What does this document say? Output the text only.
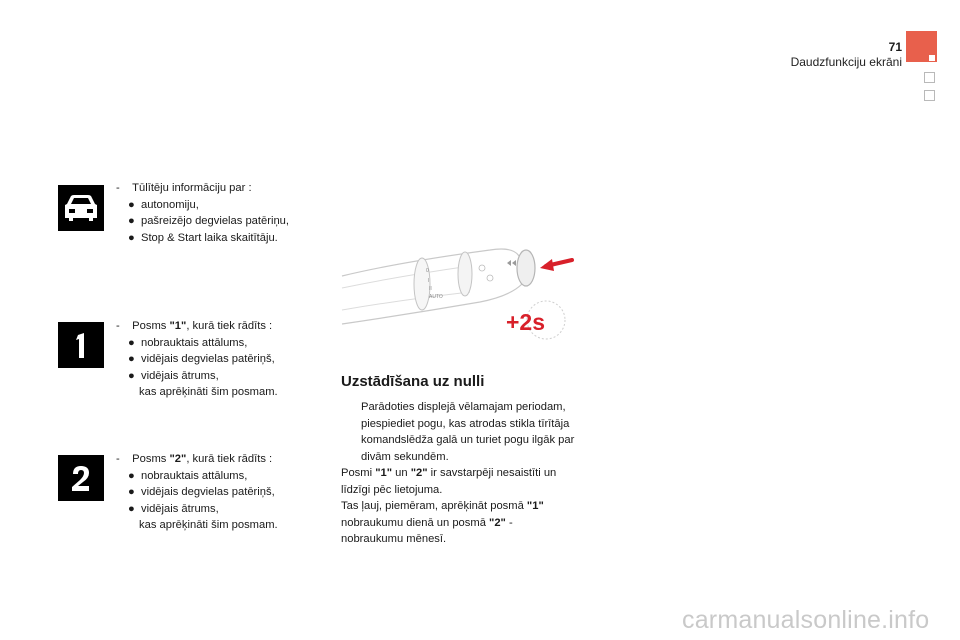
71
Daudzfunkciju ekrāni
- Tūlītēju informāciju par :
● autonomiju,
● pašreizējo degvielas patēriņu,
● Stop & Start laika skaitītāju.
- Posms "1", kurā tiek rādīts :
● nobrauktais attālums,
● vidējais degvielas patēriņš,
● vidējais ātrums,
kas aprēķināti šim posmam.
- Posms "2", kurā tiek rādīts :
● nobrauktais attālums,
● vidējais degvielas patēriņš,
● vidējais ātrums,
kas aprēķināti šim posmam.
0
I
II
AUTO
+2s
Uzstādīšana uz nulli
Parādoties displejā vēlamajam periodam,
piespiediet pogu, kas atrodas stikla tīrītāja
komandslēdža galā un turiet pogu ilgāk par
divām sekundēm.
Posmi "1" un "2" ir savstarpēji nesaistīti un
līdzīgi pēc lietojuma.
Tas ļauj, piemēram, aprēķināt posmā "1"
nobraukumu dienā un posmā "2" -
nobraukumu mēnesī.
carmanualsonline.info
